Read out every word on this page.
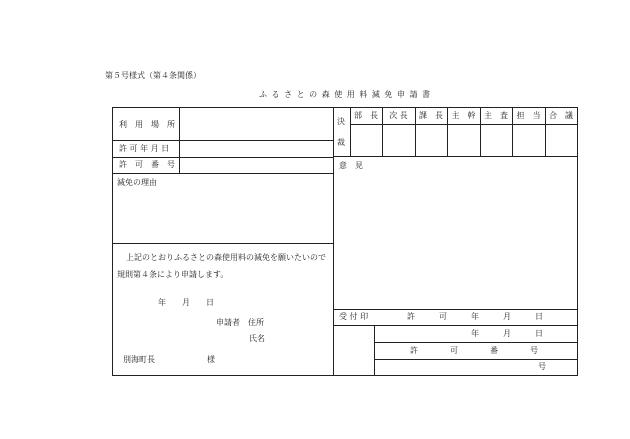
第５号様式（第４条関係）
ふ る さ と の 森 使 用 料 減 免 申 請 書
利　用　場　所
許 可 年 月 日
許　可　番　号
減免の理由
上記のとおりふるさとの森使用料の減免を願いたいので
規則第４条により申請します。
年　　月　　日
申請者　住所
氏名
別海町長	様
決
裁
部　長	次 長	課　長	主　幹	主　査	担　当	合　議
意　見
受 付 印	許　　　可　　　年　　　月　　　日
年　　　月　　　日
許　　　　可　　　　番　　　　号
号
